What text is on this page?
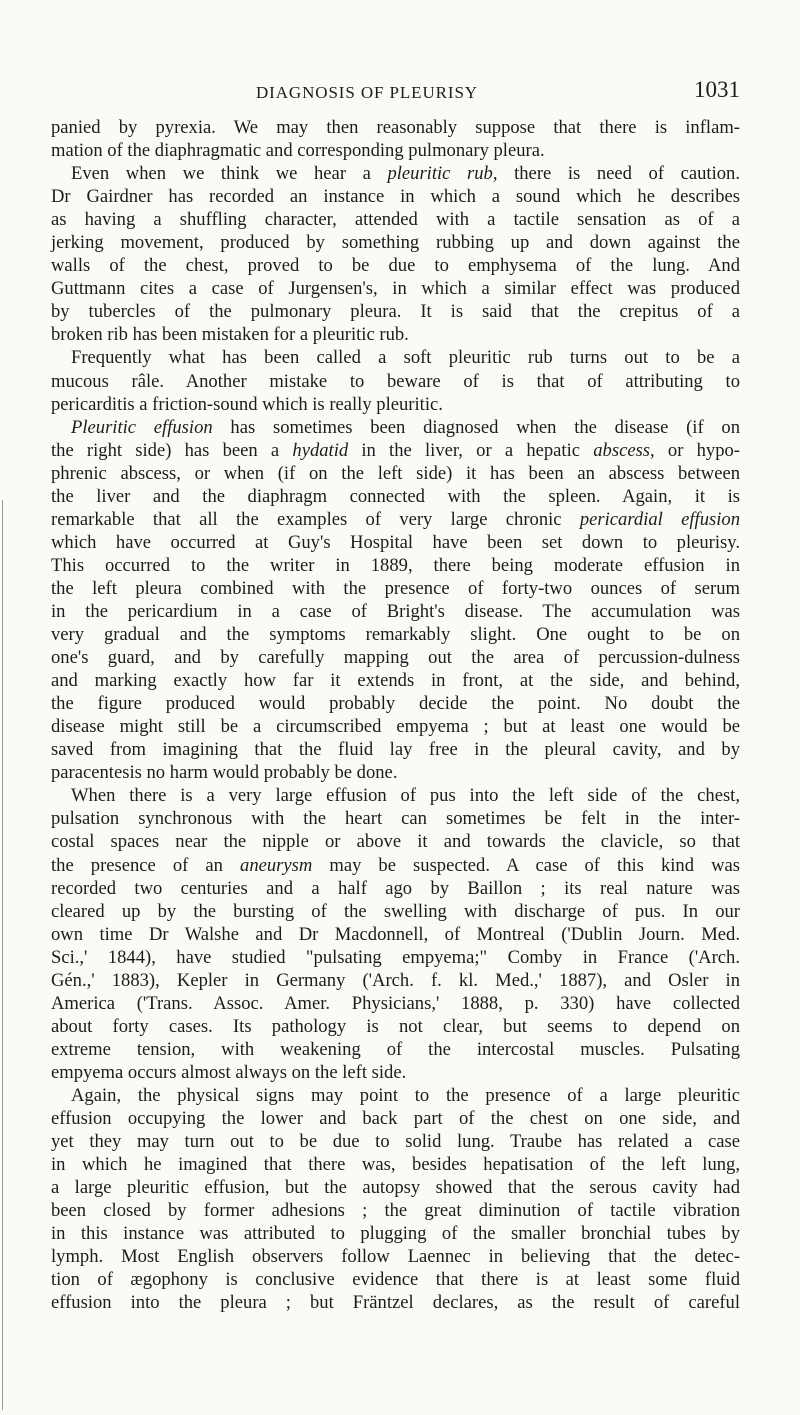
DIAGNOSIS OF PLEURISY	1031
panied by pyrexia. We may then reasonably suppose that there is inflam-
mation of the diaphragmatic and corresponding pulmonary pleura.
Even when we think we hear a pleuritic rub, there is need of caution.
Dr Gairdner has recorded an instance in which a sound which he describes
as having a shuffling character, attended with a tactile sensation as of a
jerking movement, produced by something rubbing up and down against the
walls of the chest, proved to be due to emphysema of the lung. And
Guttmann cites a case of Jurgensen's, in which a similar effect was produced
by tubercles of the pulmonary pleura. It is said that the crepitus of a
broken rib has been mistaken for a pleuritic rub.
Frequently what has been called a soft pleuritic rub turns out to be a
mucous râle. Another mistake to beware of is that of attributing to
pericarditis a friction-sound which is really pleuritic.
Pleuritic effusion has sometimes been diagnosed when the disease (if on
the right side) has been a hydatid in the liver, or a hepatic abscess, or hypo-
phrenic abscess, or when (if on the left side) it has been an abscess between
the liver and the diaphragm connected with the spleen. Again, it is
remarkable that all the examples of very large chronic pericardial effusion
which have occurred at Guy's Hospital have been set down to pleurisy.
This occurred to the writer in 1889, there being moderate effusion in
the left pleura combined with the presence of forty-two ounces of serum
in the pericardium in a case of Bright's disease. The accumulation was
very gradual and the symptoms remarkably slight. One ought to be on
one's guard, and by carefully mapping out the area of percussion-dulness
and marking exactly how far it extends in front, at the side, and behind,
the figure produced would probably decide the point. No doubt the
disease might still be a circumscribed empyema ; but at least one would be
saved from imagining that the fluid lay free in the pleural cavity, and by
paracentesis no harm would probably be done.
When there is a very large effusion of pus into the left side of the chest,
pulsation synchronous with the heart can sometimes be felt in the inter-
costal spaces near the nipple or above it and towards the clavicle, so that
the presence of an aneurysm may be suspected. A case of this kind was
recorded two centuries and a half ago by Baillon ; its real nature was
cleared up by the bursting of the swelling with discharge of pus. In our
own time Dr Walshe and Dr Macdonnell, of Montreal ('Dublin Journ. Med.
Sci.,' 1844), have studied "pulsating empyema;" Comby in France ('Arch.
Gén.,' 1883), Kepler in Germany ('Arch. f. kl. Med.,' 1887), and Osler in
America ('Trans. Assoc. Amer. Physicians,' 1888, p. 330) have collected
about forty cases. Its pathology is not clear, but seems to depend on
extreme tension, with weakening of the intercostal muscles. Pulsating
empyema occurs almost always on the left side.
Again, the physical signs may point to the presence of a large pleuritic
effusion occupying the lower and back part of the chest on one side, and
yet they may turn out to be due to solid lung. Traube has related a case
in which he imagined that there was, besides hepatisation of the left lung,
a large pleuritic effusion, but the autopsy showed that the serous cavity had
been closed by former adhesions ; the great diminution of tactile vibration
in this instance was attributed to plugging of the smaller bronchial tubes by
lymph. Most English observers follow Laennec in believing that the detec-
tion of ægophony is conclusive evidence that there is at least some fluid
effusion into the pleura ; but Fräntzel declares, as the result of careful
